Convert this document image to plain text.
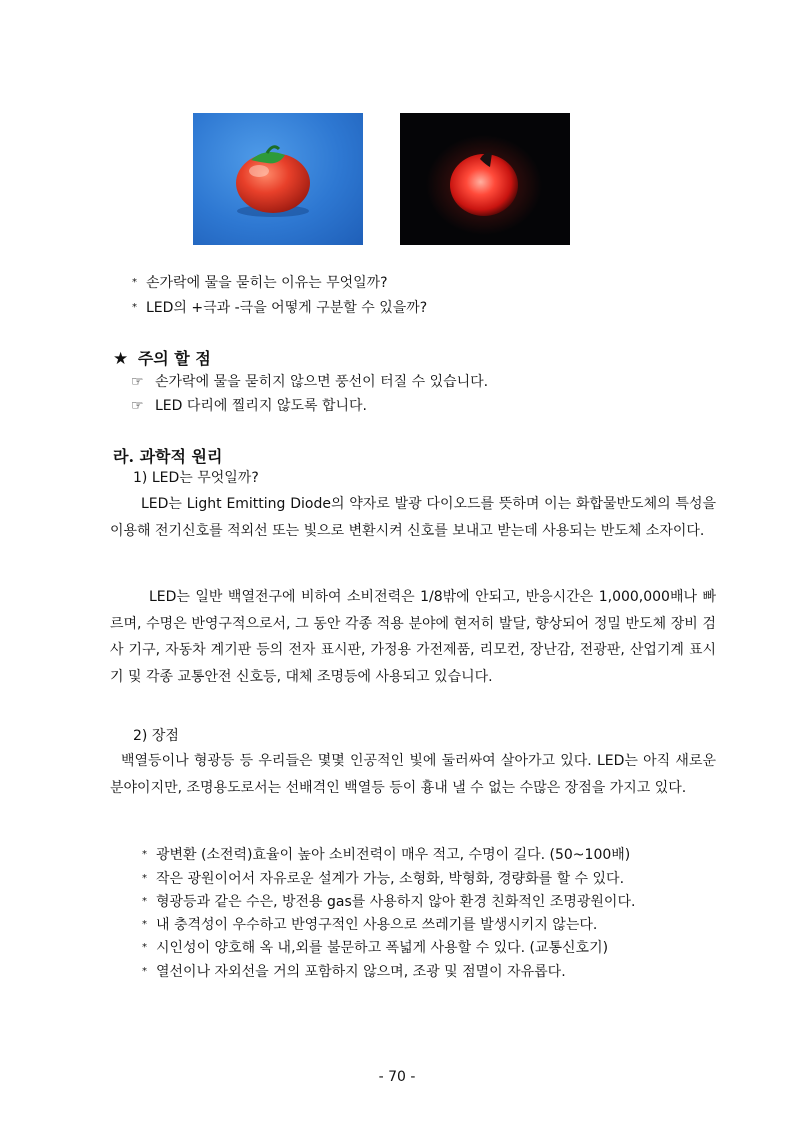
* 손가락에 물을 묻히는 이유는 무엇일까?
* LED의 +극과 -극을 어떻게 구분할 수 있을까?
★ 주의 할 점
☞ 손가락에 물을 묻히지 않으면 풍선이 터질 수 있습니다.
☞ LED 다리에 찔리지 않도록 합니다.
라. 과학적 원리
1) LED는 무엇일까?
LED는 Light Emitting Diode의 약자로 발광 다이오드를 뜻하며 이는 화합물반도체의 특성을 이용해 전기신호를 적외선 또는 빛으로 변환시켜 신호를 보내고 받는데 사용되는 반도체 소자이다.
LED는 일반 백열전구에 비하여 소비전력은 1/8밖에 안되고, 반응시간은 1,000,000배나 빠르며, 수명은 반영구적으로서, 그 동안 각종 적용 분야에 현저히 발달, 향상되어 정밀 반도체 장비 검사 기구, 자동차 계기판 등의 전자 표시판, 가정용 가전제품, 리모컨, 장난감, 전광판, 산업기계 표시기 및 각종 교통안전 신호등, 대체 조명등에 사용되고 있습니다.
2) 장점
백열등이나 형광등 등 우리들은 몇몇 인공적인 빛에 둘러싸여 살아가고 있다. LED는 아직 새로운 분야이지만, 조명용도로서는 선배격인 백열등 등이 흉내 낼 수 없는 수많은 장점을 가지고 있다.
* 광변환 (소전력)효율이 높아 소비전력이 매우 적고, 수명이 길다. (50~100배)
* 작은 광원이어서 자유로운 설계가 가능, 소형화, 박형화, 경량화를 할 수 있다.
* 형광등과 같은 수은, 방전용 gas를 사용하지 않아 환경 친화적인 조명광원이다.
* 내 충격성이 우수하고 반영구적인 사용으로 쓰레기를 발생시키지 않는다.
* 시인성이 양호해 옥 내,외를 불문하고 폭넓게 사용할 수 있다. (교통신호기)
* 열선이나 자외선을 거의 포함하지 않으며, 조광 및 점멸이 자유롭다.
- 70 -
